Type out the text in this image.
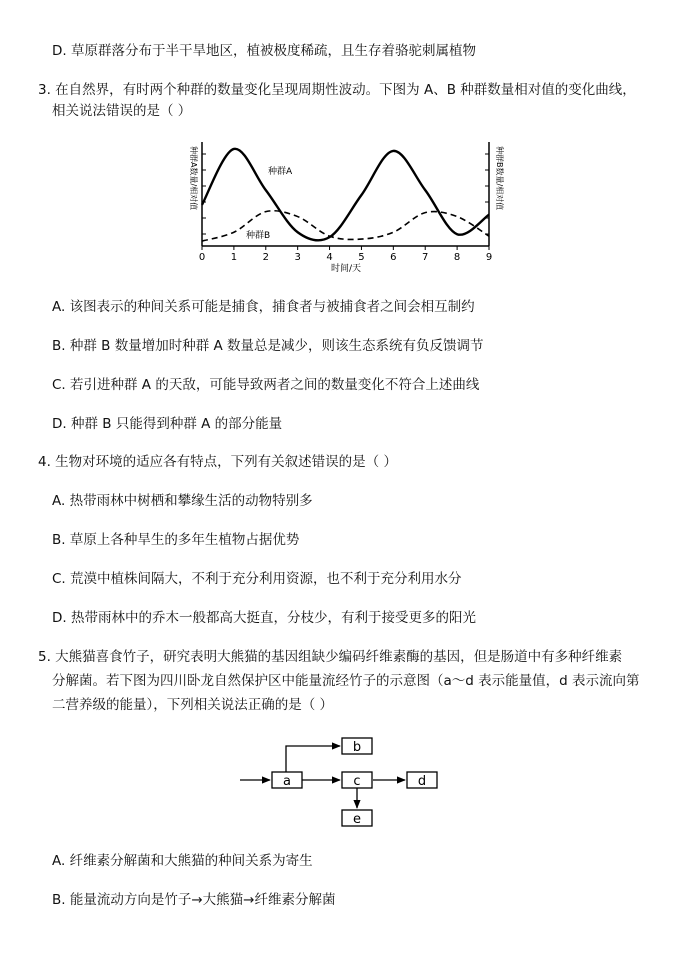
D. 草原群落分布于半干旱地区，植被极度稀疏，且生存着骆驼刺属植物
3. 在自然界，有时两个种群的数量变化呈现周期性波动。下图为 A、B 种群数量相对值的变化曲线，
相关说法错误的是（ ）
0	1	2	3	4	5	6	7	8	9
种群A数量/相对值	种群B数量/相对值
种群A
种群B
时间/天
A. 该图表示的种间关系可能是捕食，捕食者与被捕食者之间会相互制约
B. 种群 B 数量增加时种群 A 数量总是减少，则该生态系统有负反馈调节
C. 若引进种群 A 的天敌，可能导致两者之间的数量变化不符合上述曲线
D. 种群 B 只能得到种群 A 的部分能量
4. 生物对环境的适应各有特点，下列有关叙述错误的是（ ）
A. 热带雨林中树栖和攀缘生活的动物特别多
B. 草原上各种旱生的多年生植物占据优势
C. 荒漠中植株间隔大，不利于充分利用资源，也不利于充分利用水分
D. 热带雨林中的乔木一般都高大挺直，分枝少，有利于接受更多的阳光
5. 大熊猫喜食竹子，研究表明大熊猫的基因组缺少编码纤维素酶的基因，但是肠道中有多种纤维素
分解菌。若下图为四川卧龙自然保护区中能量流经竹子的示意图（a～d 表示能量值，d 表示流向第
二营养级的能量），下列相关说法正确的是（ ）
a
b
c	d
e
A. 纤维素分解菌和大熊猫的种间关系为寄生
B. 能量流动方向是竹子→大熊猫→纤维素分解菌
